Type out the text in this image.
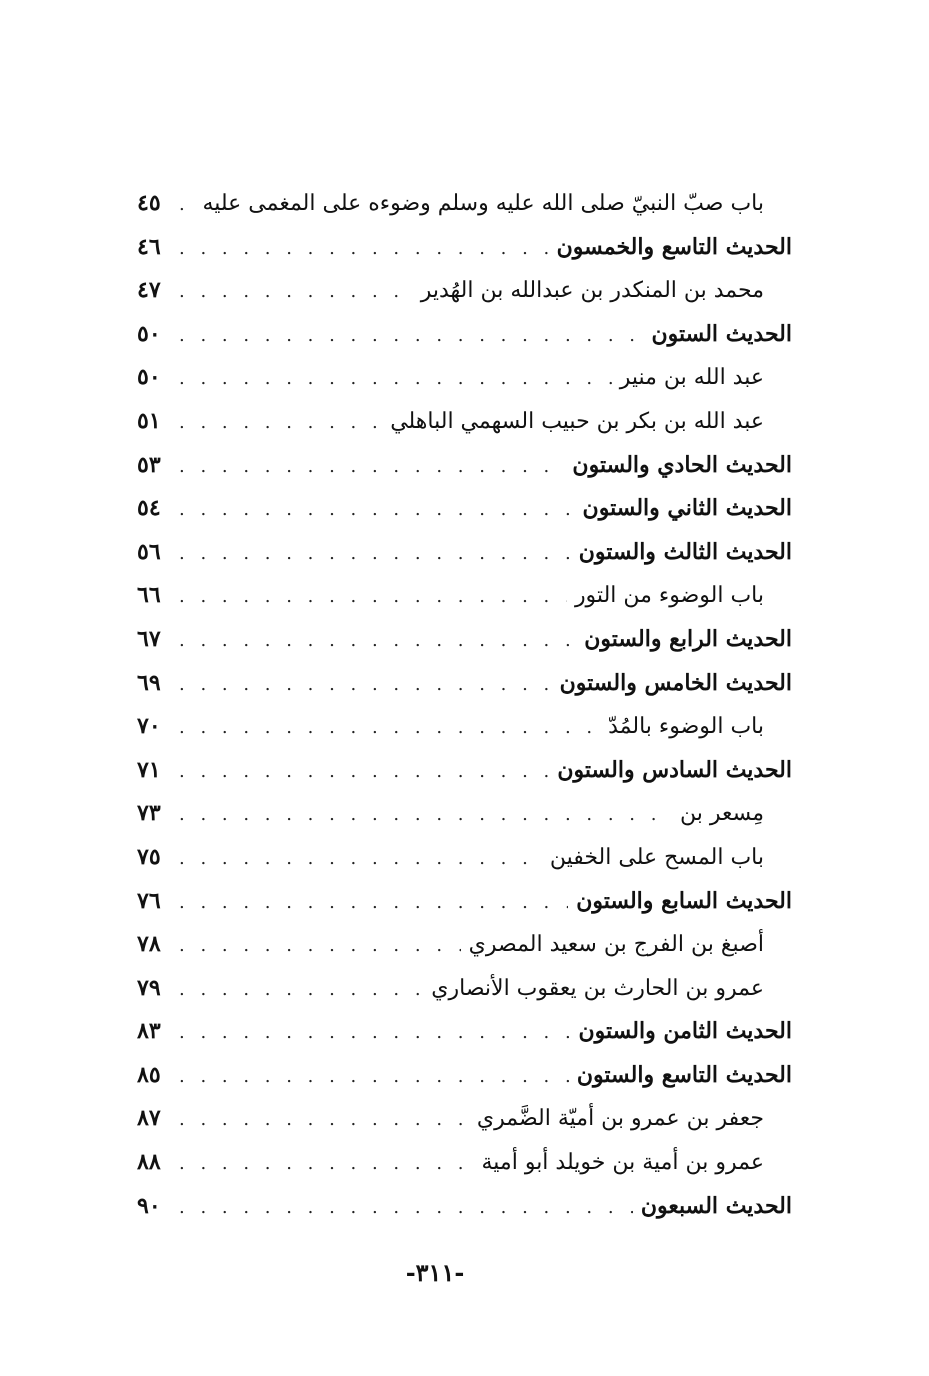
باب صبّ النبيّ صلى الله عليه وسلم وضوءه على المغمى عليه
. . .
٤٥
الحديث التاسع والخمسون
. . .
٤٦
محمد بن المنكدر بن عبدالله بن الهُدير
. . .
٤٧
الحديث الستون
. . .
٥٠
عبد الله بن منير
. . .
٥٠
عبد الله بن بكر بن حبيب السهمي الباهلي
. . .
٥١
الحديث الحادي والستون
. . .
٥٣
الحديث الثاني والستون
. . .
٥٤
الحديث الثالث والستون
. . .
٥٦
باب الوضوء من التور
. . .
٦٦
الحديث الرابع والستون
. . .
٦٧
الحديث الخامس والستون
. . .
٦٩
باب الوضوء بالمُدّ
. . .
٧٠
الحديث السادس والستون
. . .
٧١
مِسعر بن
. . .
٧٣
باب المسح على الخفين
. . .
٧٥
الحديث السابع والستون
. . .
٧٦
أصبغ بن الفرج بن سعيد المصري
. . .
٧٨
عمرو بن الحارث بن يعقوب الأنصاري
. . .
٧٩
الحديث الثامن والستون
. . .
٨٣
الحديث التاسع والستون
. . .
٨٥
جعفر بن عمرو بن أميّة الضَّمري
. . .
٨٧
عمرو بن أمية بن خويلد أبو أمية
. . .
٨٨
الحديث السبعون
. . .
٩٠
-٣١١-
